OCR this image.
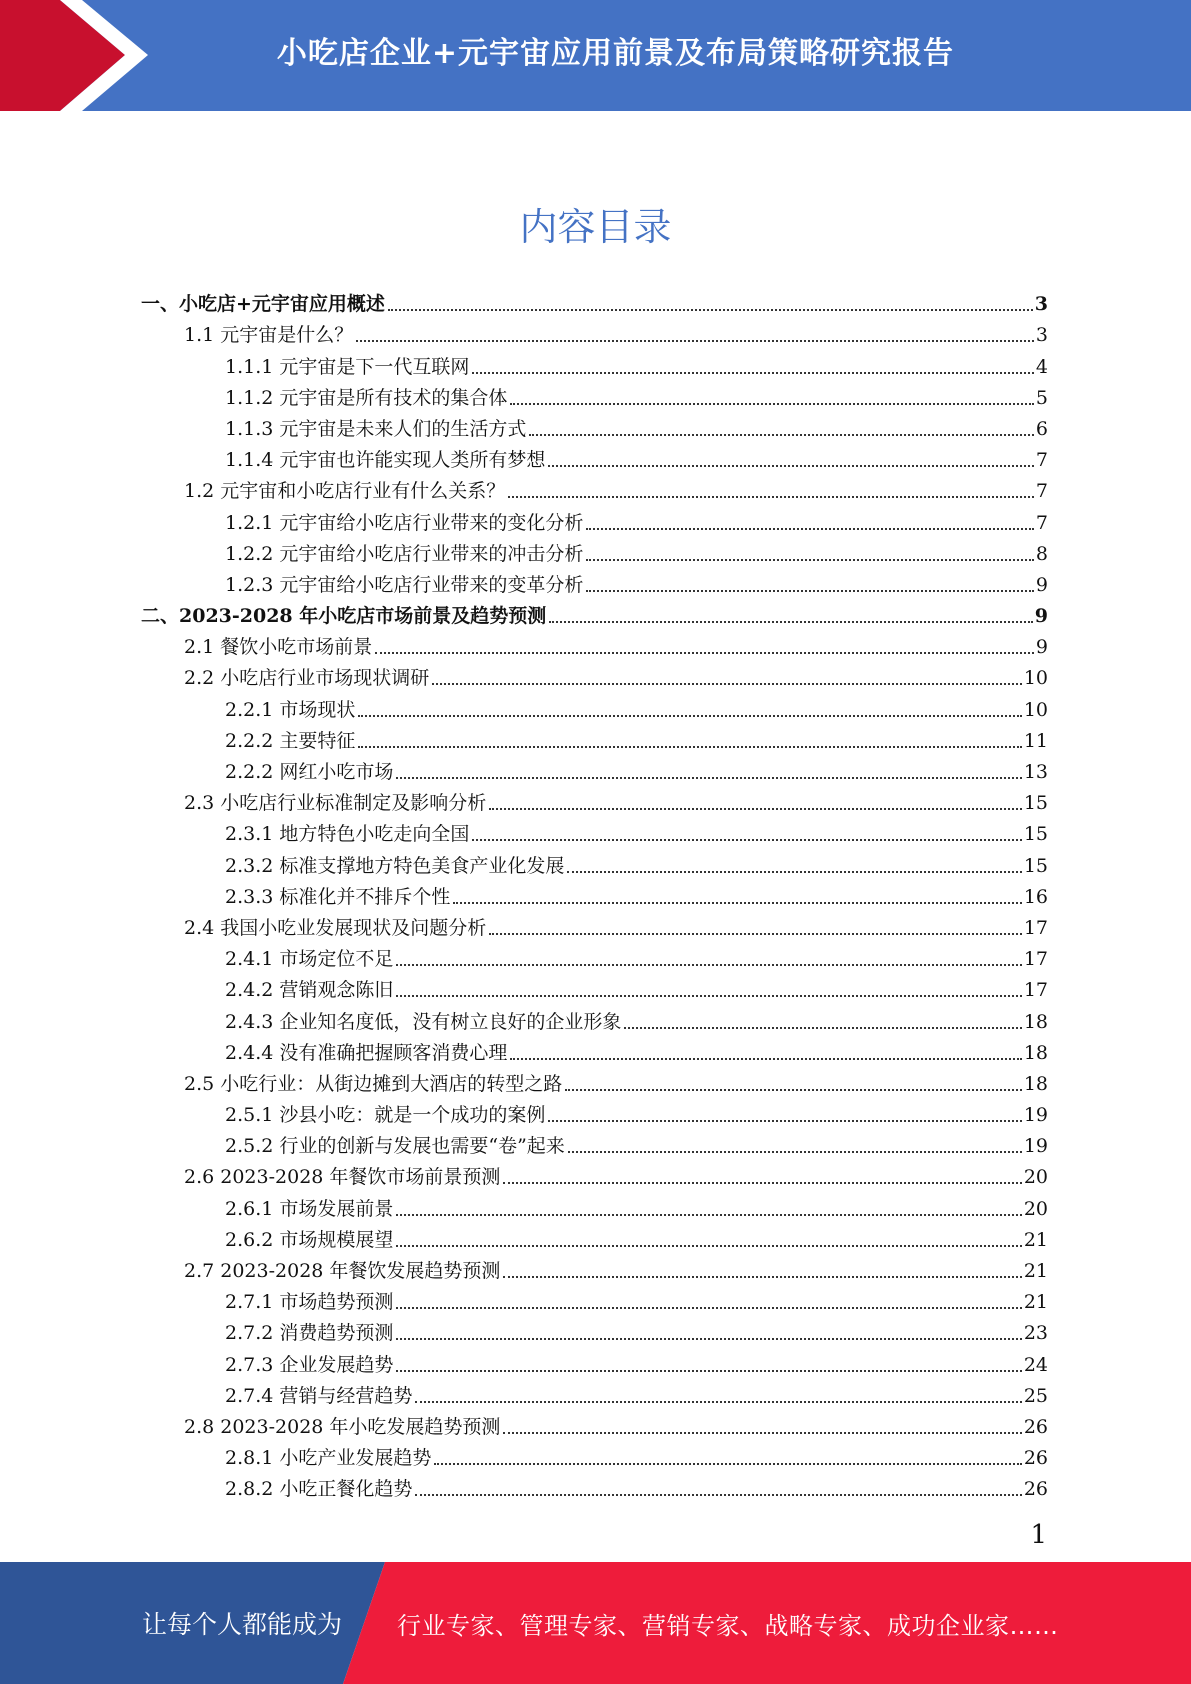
小吃店企业+元宇宙应用前景及布局策略研究报告
内容目录
一、小吃店+元宇宙应用概述	3
1.1 元宇宙是什么？	3
1.1.1 元宇宙是下一代互联网	4
1.1.2 元宇宙是所有技术的集合体	5
1.1.3 元宇宙是未来人们的生活方式	6
1.1.4 元宇宙也许能实现人类所有梦想	7
1.2 元宇宙和小吃店行业有什么关系？	7
1.2.1 元宇宙给小吃店行业带来的变化分析	7
1.2.2 元宇宙给小吃店行业带来的冲击分析	8
1.2.3 元宇宙给小吃店行业带来的变革分析	9
二、2023-2028 年小吃店市场前景及趋势预测	9
2.1 餐饮小吃市场前景	9
2.2 小吃店行业市场现状调研	10
2.2.1 市场现状	10
2.2.2 主要特征	11
2.2.2 网红小吃市场	13
2.3 小吃店行业标准制定及影响分析	15
2.3.1 地方特色小吃走向全国	15
2.3.2 标准支撑地方特色美食产业化发展	15
2.3.3 标准化并不排斥个性	16
2.4 我国小吃业发展现状及问题分析	17
2.4.1 市场定位不足	17
2.4.2 营销观念陈旧	17
2.4.3 企业知名度低，没有树立良好的企业形象	18
2.4.4 没有准确把握顾客消费心理	18
2.5 小吃行业：从街边摊到大酒店的转型之路	18
2.5.1 沙县小吃：就是一个成功的案例	19
2.5.2 行业的创新与发展也需要“卷”起来	19
2.6 2023-2028 年餐饮市场前景预测	20
2.6.1 市场发展前景	20
2.6.2 市场规模展望	21
2.7 2023-2028 年餐饮发展趋势预测	21
2.7.1 市场趋势预测	21
2.7.2 消费趋势预测	23
2.7.3 企业发展趋势	24
2.7.4 营销与经营趋势	25
2.8 2023-2028 年小吃发展趋势预测	26
2.8.1 小吃产业发展趋势	26
2.8.2 小吃正餐化趋势	26
1
让每个人都能成为 行业专家、管理专家、营销专家、战略专家、成功企业家……
